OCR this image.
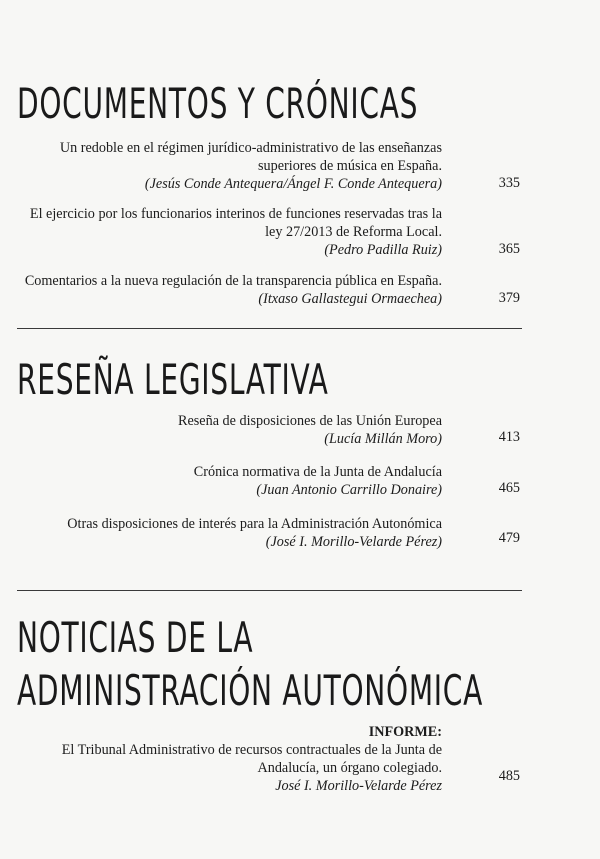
DOCUMENTOS Y CRÓNICAS
Un redoble en el régimen jurídico-administrativo de las enseñanzas
superiores de música en España.
(Jesús Conde Antequera/Ángel F. Conde Antequera)	335
El ejercicio por los funcionarios interinos de funciones reservadas tras la
ley 27/2013 de Reforma Local.
(Pedro Padilla Ruiz)	365
Comentarios a la nueva regulación de la transparencia pública en España.
(Itxaso Gallastegui Ormaechea)	379
RESEÑA LEGISLATIVA
Reseña de disposiciones de las Unión Europea
(Lucía Millán Moro)	413
Crónica normativa de la Junta de Andalucía
(Juan Antonio Carrillo Donaire)	465
Otras disposiciones de interés para la Administración Autonómica
(José I. Morillo-Velarde Pérez)	479
NOTICIAS DE LA
ADMINISTRACIÓN AUTONÓMICA
INFORME:
El Tribunal Administrativo de recursos contractuales de la Junta de
Andalucía, un órgano colegiado.
José I. Morillo-Velarde Pérez
485
